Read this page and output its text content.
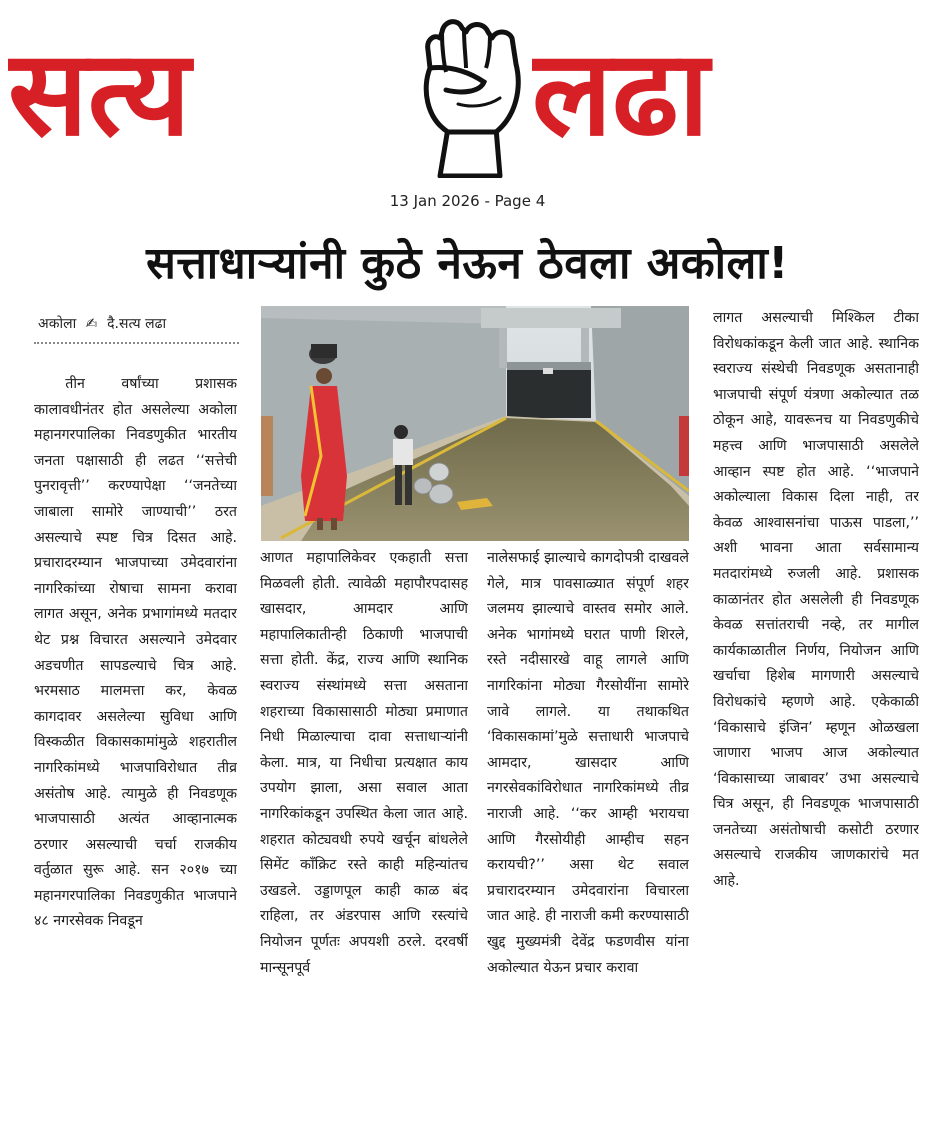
सत्य	लढा
13 Jan 2026 - Page 4
सत्ताधाऱ्यांनी कुठे नेऊन ठेवला अकोला!
अकोला ✍ दै.सत्य लढा

तीन वर्षांच्या प्रशासक कालावधीनंतर होत असलेल्या अकोला महानगरपालिका निवडणुकीत भारतीय जनता पक्षासाठी ही लढत ‘‘सत्तेची पुनरावृत्ती’’ करण्यापेक्षा ‘‘जनतेच्या जाबाला सामोरे जाण्याची’’ ठरत असल्याचे स्पष्ट चित्र दिसत आहे. प्रचारादरम्यान भाजपाच्या उमेदवारांना नागरिकांच्या रोषाचा सामना करावा लागत असून, अनेक प्रभागांमध्ये मतदार थेट प्रश्न विचारत असल्याने उमेदवार अडचणीत सापडल्याचे चित्र आहे. भरमसाठ मालमत्ता कर, केवळ कागदावर असलेल्या सुविधा आणि विस्कळीत विकासकामांमुळे शहरातील नागरिकांमध्ये भाजपाविरोधात तीव्र असंतोष आहे. त्यामुळे ही निवडणूक भाजपासाठी अत्यंत आव्हानात्मक ठरणार असल्याची चर्चा राजकीय वर्तुळात सुरू आहे. सन २०१७ च्या महानगरपालिका निवडणुकीत भाजपाने ४८ नगरसेवक निवडून

आणत महापालिकेवर एकहाती सत्ता मिळवली होती. त्यावेळी महापौरपदासह खासदार, आमदार आणि महापालिकातीन्ही ठिकाणी भाजपाची सत्ता होती. केंद्र, राज्य आणि स्थानिक स्वराज्य संस्थांमध्ये सत्ता असताना शहराच्या विकासासाठी मोठ्या प्रमाणात निधी मिळाल्याचा दावा सत्ताधाऱ्यांनी केला. मात्र, या निधीचा प्रत्यक्षात काय उपयोग झाला, असा सवाल आता नागरिकांकडून उपस्थित केला जात आहे. शहरात कोट्यवधी रुपये खर्चून बांधलेले सिमेंट काँक्रिट रस्ते काही महिन्यांतच उखडले. उड्डाणपूल काही काळ बंद राहिला, तर अंडरपास आणि रस्त्यांचे नियोजन पूर्णतः अपयशी ठरले. दरवर्षी मान्सूनपूर्व

नालेसफाई झाल्याचे कागदोपत्री दाखवले गेले, मात्र पावसाळ्यात संपूर्ण शहर जलमय झाल्याचे वास्तव समोर आले. अनेक भागांमध्ये घरात पाणी शिरले, रस्ते नदीसारखे वाहू लागले आणि नागरिकांना मोठ्या गैरसोयींना सामोरे जावे लागले. या तथाकथित ‘विकासकामां’मुळे सत्ताधारी भाजपाचे आमदार, खासदार आणि नगरसेवकांविरोधात नागरिकांमध्ये तीव्र नाराजी आहे. ‘‘कर आम्ही भरायचा आणि गैरसोयीही आम्हीच सहन करायची?’’ असा थेट सवाल प्रचारादरम्यान उमेदवारांना विचारला जात आहे. ही नाराजी कमी करण्यासाठी खुद्द मुख्यमंत्री देवेंद्र फडणवीस यांना अकोल्यात येऊन प्रचार करावा

लागत असल्याची मिश्किल टीका विरोधकांकडून केली जात आहे. स्थानिक स्वराज्य संस्थेची निवडणूक असतानाही भाजपाची संपूर्ण यंत्रणा अकोल्यात तळ ठोकून आहे, यावरूनच या निवडणुकीचे महत्त्व आणि भाजपासाठी असलेले आव्हान स्पष्ट होत आहे. ‘‘भाजपाने अकोल्याला विकास दिला नाही, तर केवळ आश्वासनांचा पाऊस पाडला,’’ अशी भावना आता सर्वसामान्य मतदारांमध्ये रुजली आहे. प्रशासक काळानंतर होत असलेली ही निवडणूक केवळ सत्तांतराची नव्हे, तर मागील कार्यकाळातील निर्णय, नियोजन आणि खर्चाचा हिशेब मागणारी असल्याचे विरोधकांचे म्हणणे आहे. एकेकाळी ‘विकासाचे इंजिन’ म्हणून ओळखला जाणारा भाजप आज अकोल्यात ‘विकासाच्या जाबावर’ उभा असल्याचे चित्र असून, ही निवडणूक भाजपासाठी जनतेच्या असंतोषाची कसोटी ठरणार असल्याचे राजकीय जाणकारांचे मत आहे.
